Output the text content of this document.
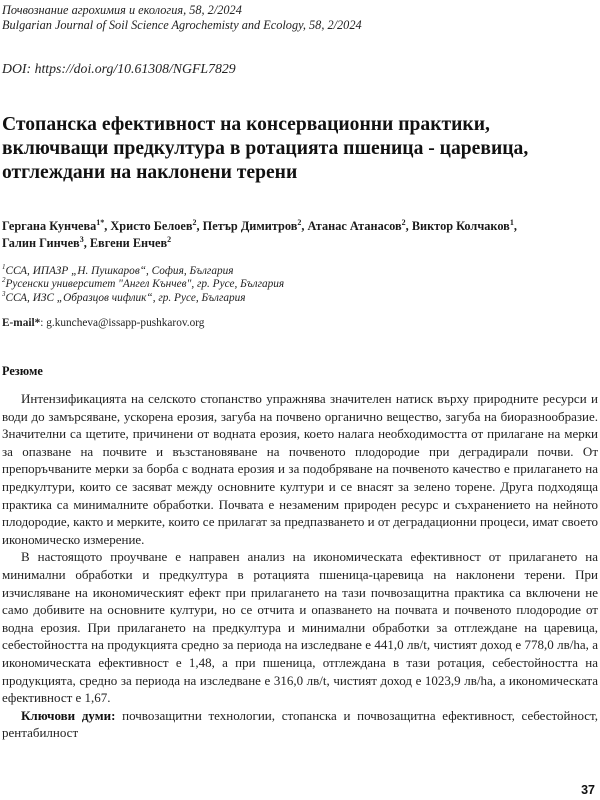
Почвознание агрохимия и екология, 58, 2/2024
Bulgarian Journal of Soil Science Agrochemisty and Ecology, 58, 2/2024
DOI: https://doi.org/10.61308/NGFL7829
Стопанска ефективност на консервационни практики,
включващи предкултура в ротацията пшеница - царевица,
отглеждани на наклонени терени
Гергана Кунчева$^{1*}$, Христо Белоев$^2$, Петър Димитров$^2$, Атанас Атанасов$^2$, Виктор Колчаков$^1$,
Галин Гинчев$^3$, Евгени Енчев$^2$
$^1$ССА, ИПАЗР „Н. Пушкаров“, София, България
$^2$Русенски университет "Ангел Кънчев", гр. Русе, България
$^3$ССА, ИЗС „Образцов чифлик“, гр. Русе, България
E-mail*: g.kuncheva@issapp-pushkarov.org
Резюме

Интензификацията на селското стопанство упражнява значителен натиск върху природните ресурси и води до замърсяване, ускорена ерозия, загуба на почвено органично вещество, загуба на биоразнообразие. Значителни са щетите, причинени от водната ерозия, което налага необходимостта от прилагане на мерки за опазване на почвите и възстановяване на почвеното плодородие при деградирали почви. От препоръчваните мерки за борба с водната ерозия и за подобряване на почвеното качество е прилагането на предкултури, които се засяват между основните култури и се внасят за зелено торене. Друга подходяща практика са минималните обработки. Почвата е незаменим природен ресурс и съхранението на нейното плодородие, както и мерките, които се прилагат за предпазването и от деградационни процеси, имат своето икономическо измерение.

В настоящото проучване е направен анализ на икономическата ефективност от прилагането на минимални обработки и предкултура в ротацията пшеница-царевица на наклонени терени. При изчисляване на икономическият ефект при прилагането на тази почвозащитна практика са включени не само добивите на основните култури, но се отчита и опазването на почвата и почвеното плодородие от водна ерозия. При прилагането на предкултура и минимални обработки за отглеждане на царевица, себестойността на продукцията средно за периода на изследване е 441,0 лв/t, чистият доход е 778,0 лв/ha, а икономическата ефективност е 1,48, а при пшеница, отглеждана в тази ротация, себестойността на продукцията, средно за периода на изследване е 316,0 лв/t, чистият доход е 1023,9 лв/ha, а икономическата ефективност е 1,67.

Ключови думи: почвозащитни технологии, стопанска и почвозащитна ефективност, себестойност, рентабилност

37
